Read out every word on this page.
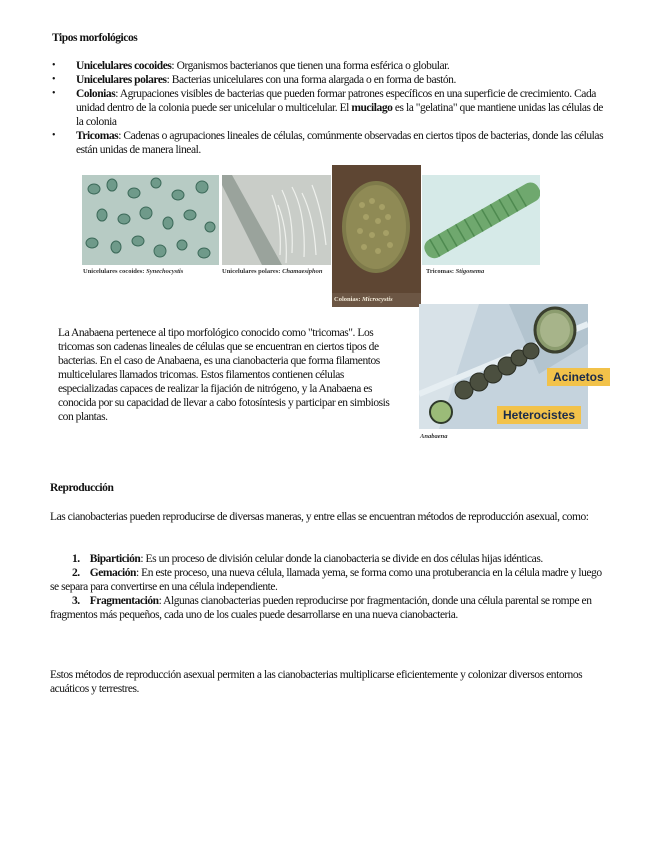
Tipos morfológicos
• Unicelulares cocoides: Organismos bacterianos que tienen una forma esférica o globular.
• Unicelulares polares: Bacterias unicelulares con una forma alargada o en forma de bastón.
• Colonias: Agrupaciones visibles de bacterias que pueden formar patrones específicos en una superficie de crecimiento. Cada unidad dentro de la colonia puede ser unicelular o multicelular. El mucilago es la "gelatina" que mantiene unidas las células de la colonia
• Tricomas: Cadenas o agrupaciones lineales de células, comúnmente observadas en ciertos tipos de bacterias, donde las células están unidas de manera lineal.
Unicelulares cocoides: Synechocystis	Unicelulares polares: Chamaesiphon
Colonias: Microcystis
Tricomas: Stigonema
La Anabaena pertenece al tipo morfológico conocido como "tricomas". Los tricomas son cadenas lineales de células que se encuentran en ciertos tipos de bacterias. En el caso de Anabaena, es una cianobacteria que forma filamentos multicelulares llamados tricomas. Estos filamentos contienen células especializadas capaces de realizar la fijación de nitrógeno, y la Anabaena es conocida por su capacidad de llevar a cabo fotosíntesis y participar en simbiosis con plantas.
Acinetos
Heterocistes
Anabaena
Reproducción
Las cianobacterias pueden reproducirse de diversas maneras, y entre ellas se encuentran métodos de reproducción asexual, como:
1. Bipartición: Es un proceso de división celular donde la cianobacteria se divide en dos células hijas idénticas.
2. Gemación: En este proceso, una nueva célula, llamada yema, se forma como una protuberancia en la célula madre y luego se separa para convertirse en una célula independiente.
3. Fragmentación: Algunas cianobacterias pueden reproducirse por fragmentación, donde una célula parental se rompe en fragmentos más pequeños, cada uno de los cuales puede desarrollarse en una nueva cianobacteria.
Estos métodos de reproducción asexual permiten a las cianobacterias multiplicarse eficientemente y colonizar diversos entornos acuáticos y terrestres.
